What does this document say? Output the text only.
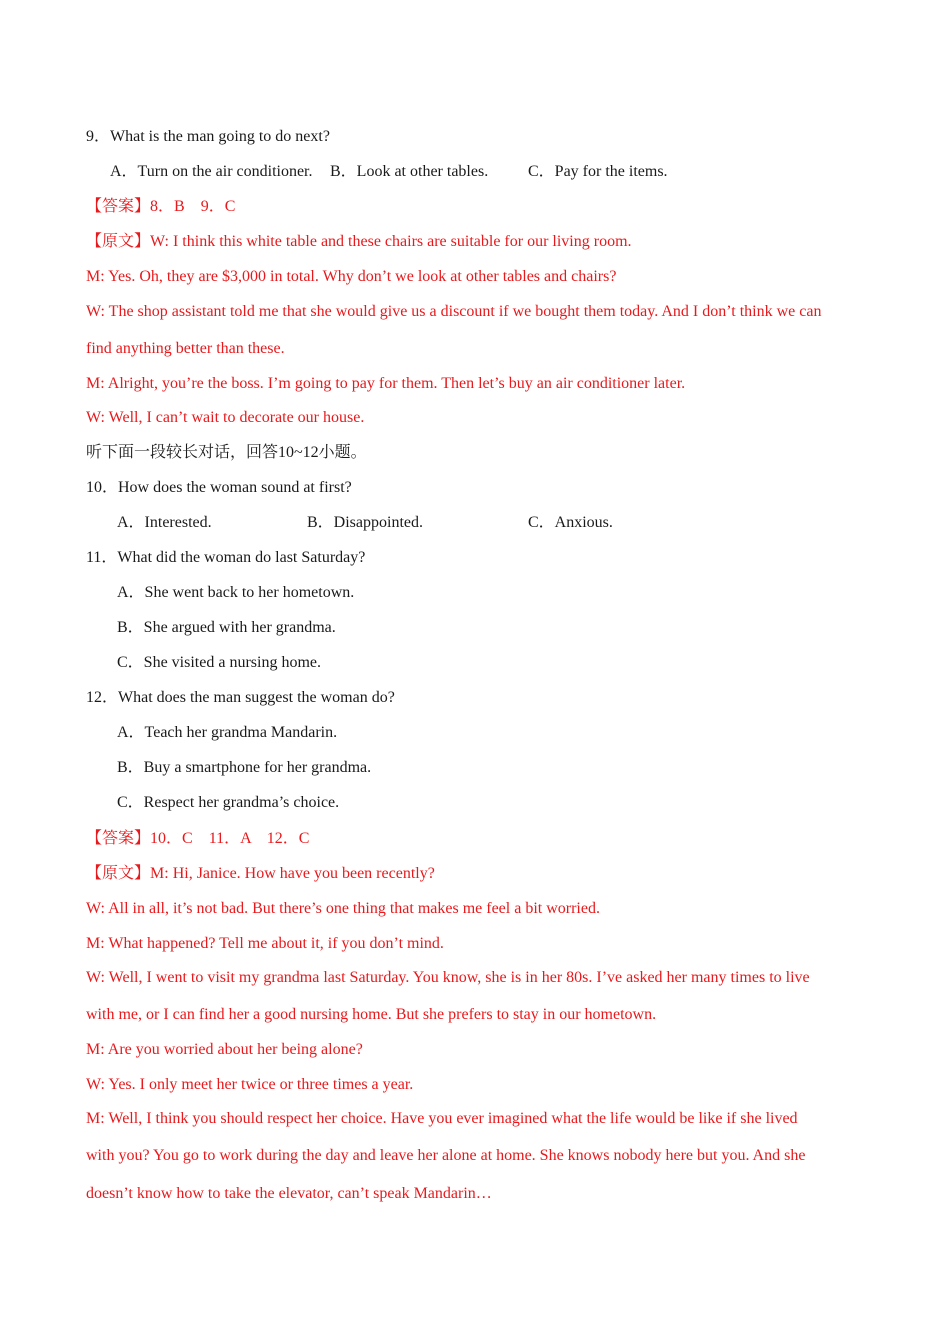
9．What is the man going to do next?
A．Turn on the air conditioner. B．Look at other tables. C．Pay for the items.
【答案】8．B　9．C
【原文】W: I think this white table and these chairs are suitable for our living room.
M: Yes. Oh, they are $3,000 in total. Why don’t we look at other tables and chairs?
W: The shop assistant told me that she would give us a discount if we bought them today. And I don’t think we can
find anything better than these.
M: Alright, you’re the boss. I’m going to pay for them. Then let’s buy an air conditioner later.
W: Well, I can’t wait to decorate our house.
听下面一段较长对话，回答10~12小题。
10．How does the woman sound at first?
A．Interested.	B．Disappointed.	C．Anxious.
11．What did the woman do last Saturday?
A．She went back to her hometown.
B．She argued with her grandma.
C．She visited a nursing home.
12．What does the man suggest the woman do?
A．Teach her grandma Mandarin.
B．Buy a smartphone for her grandma.
C．Respect her grandma’s choice.
【答案】10．C　11．A　12．C
【原文】M: Hi, Janice. How have you been recently?
W: All in all, it’s not bad. But there’s one thing that makes me feel a bit worried.
M: What happened? Tell me about it, if you don’t mind.
W: Well, I went to visit my grandma last Saturday. You know, she is in her 80s. I’ve asked her many times to live
with me, or I can find her a good nursing home. But she prefers to stay in our hometown.
M: Are you worried about her being alone?
W: Yes. I only meet her twice or three times a year.
M: Well, I think you should respect her choice. Have you ever imagined what the life would be like if she lived
with you? You go to work during the day and leave her alone at home. She knows nobody here but you. And she
doesn’t know how to take the elevator, can’t speak Mandarin…
